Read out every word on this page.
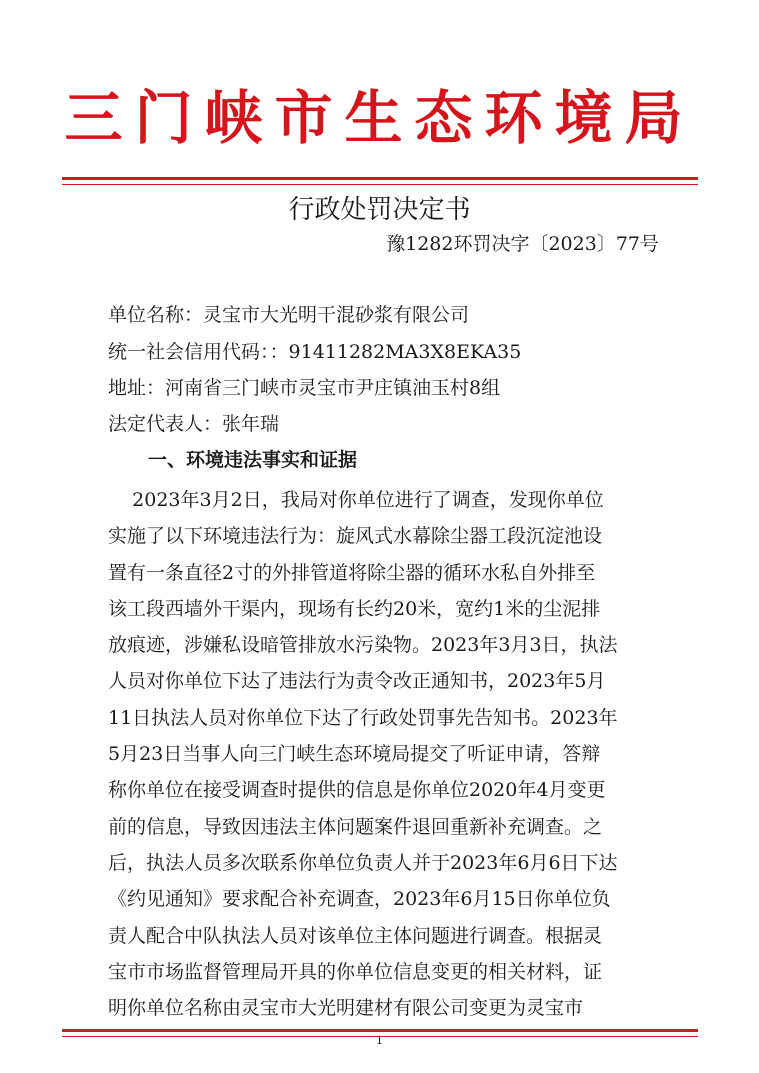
三门峡市生态环境局
行政处罚决定书
豫1282环罚决字〔2023〕77号
单位名称：灵宝市大光明干混砂浆有限公司
统一社会信用代码：：91411282MA3X8EKA35
地址：河南省三门峡市灵宝市尹庄镇油玉村8组
法定代表人：张年瑞
一、环境违法事实和证据
2023年3月2日，我局对你单位进行了调查，发现你单位
实施了以下环境违法行为：旋风式水幕除尘器工段沉淀池设
置有一条直径2寸的外排管道将除尘器的循环水私自外排至
该工段西墙外干渠内，现场有长约20米，宽约1米的尘泥排
放痕迹，涉嫌私设暗管排放水污染物。2023年3月3日，执法
人员对你单位下达了违法行为责令改正通知书，2023年5月
11日执法人员对你单位下达了行政处罚事先告知书。2023年
5月23日当事人向三门峡生态环境局提交了听证申请，答辩
称你单位在接受调查时提供的信息是你单位2020年4月变更
前的信息，导致因违法主体问题案件退回重新补充调查。之
后，执法人员多次联系你单位负责人并于2023年6月6日下达
《约见通知》要求配合补充调查，2023年6月15日你单位负
责人配合中队执法人员对该单位主体问题进行调查。根据灵
宝市市场监督管理局开具的你单位信息变更的相关材料，证
明你单位名称由灵宝市大光明建材有限公司变更为灵宝市
1
